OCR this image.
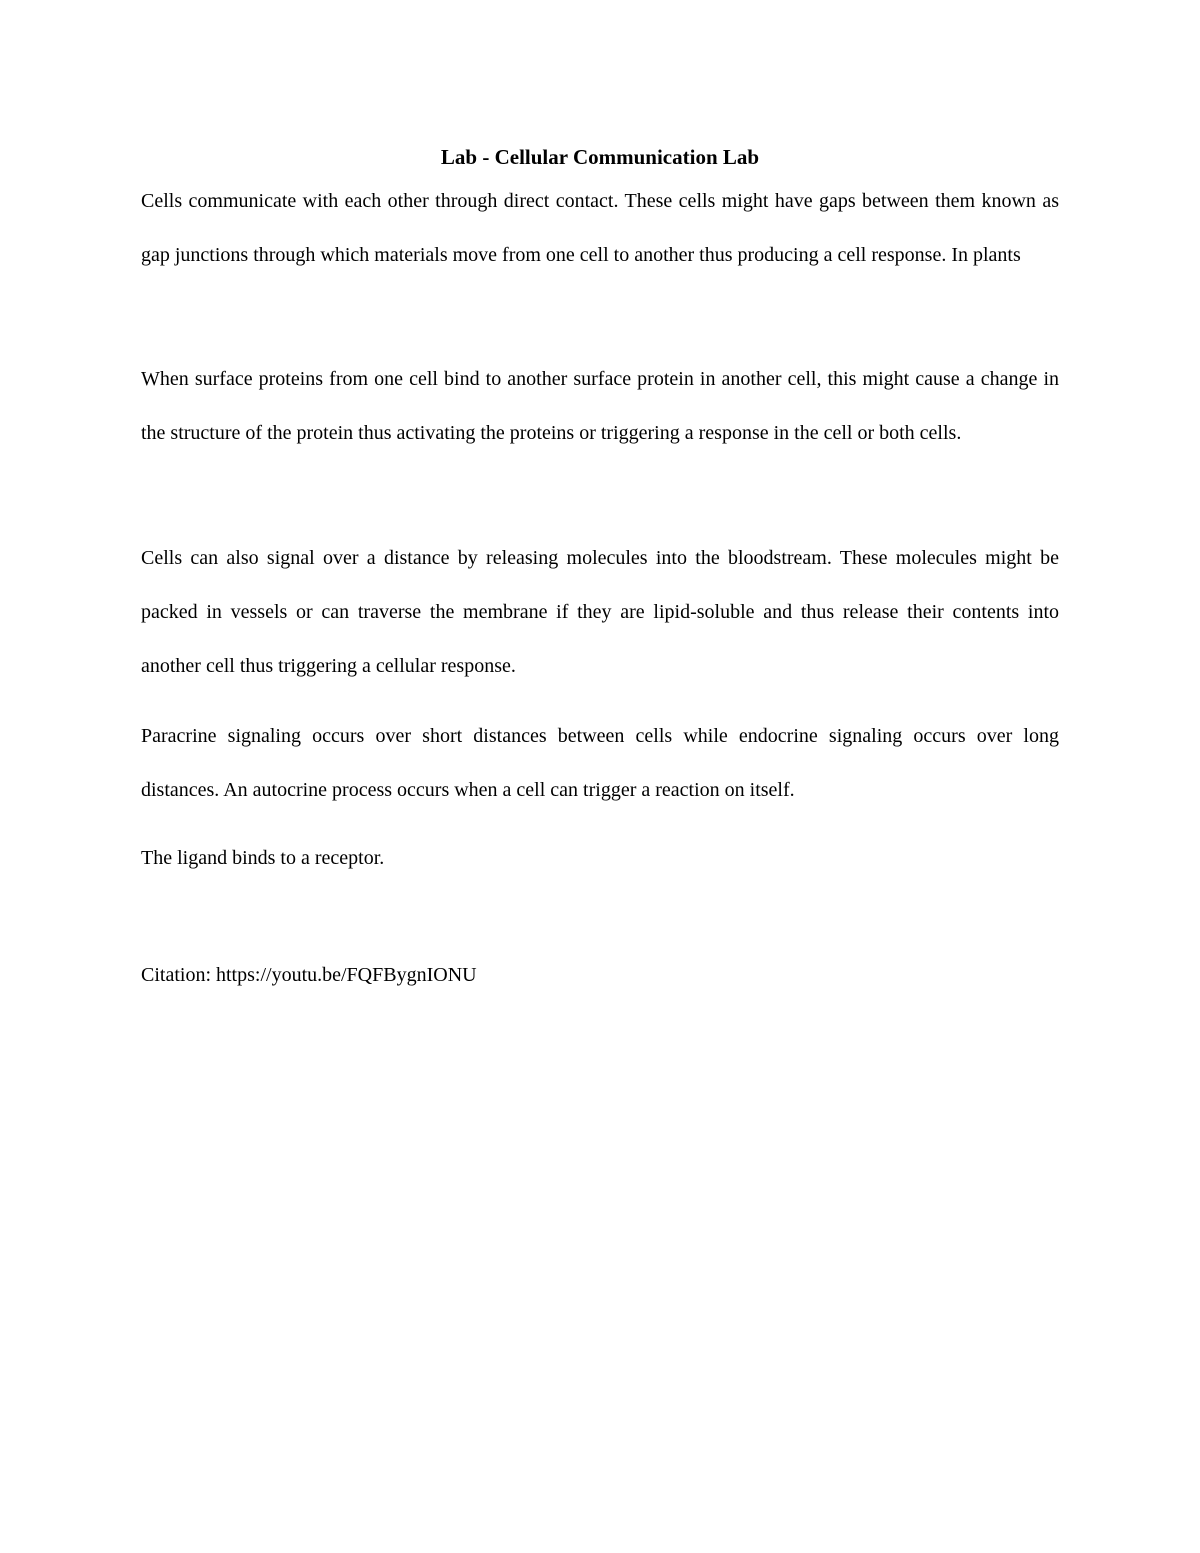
Lab - Cellular Communication Lab

Cells communicate with each other through direct contact. These cells might have gaps between them known as gap junctions through which materials move from one cell to another thus producing a cell response. In plants

When surface proteins from one cell bind to another surface protein in another cell, this might cause a change in the structure of the protein thus activating the proteins or triggering a response in the cell or both cells.

Cells can also signal over a distance by releasing molecules into the bloodstream. These molecules might be packed in vessels or can traverse the membrane if they are lipid-soluble and thus release their contents into another cell thus triggering a cellular response.

Paracrine signaling occurs over short distances between cells while endocrine signaling occurs over long distances. An autocrine process occurs when a cell can trigger a reaction on itself.

The ligand binds to a receptor.

Citation: https://youtu.be/FQFBygnIONU
